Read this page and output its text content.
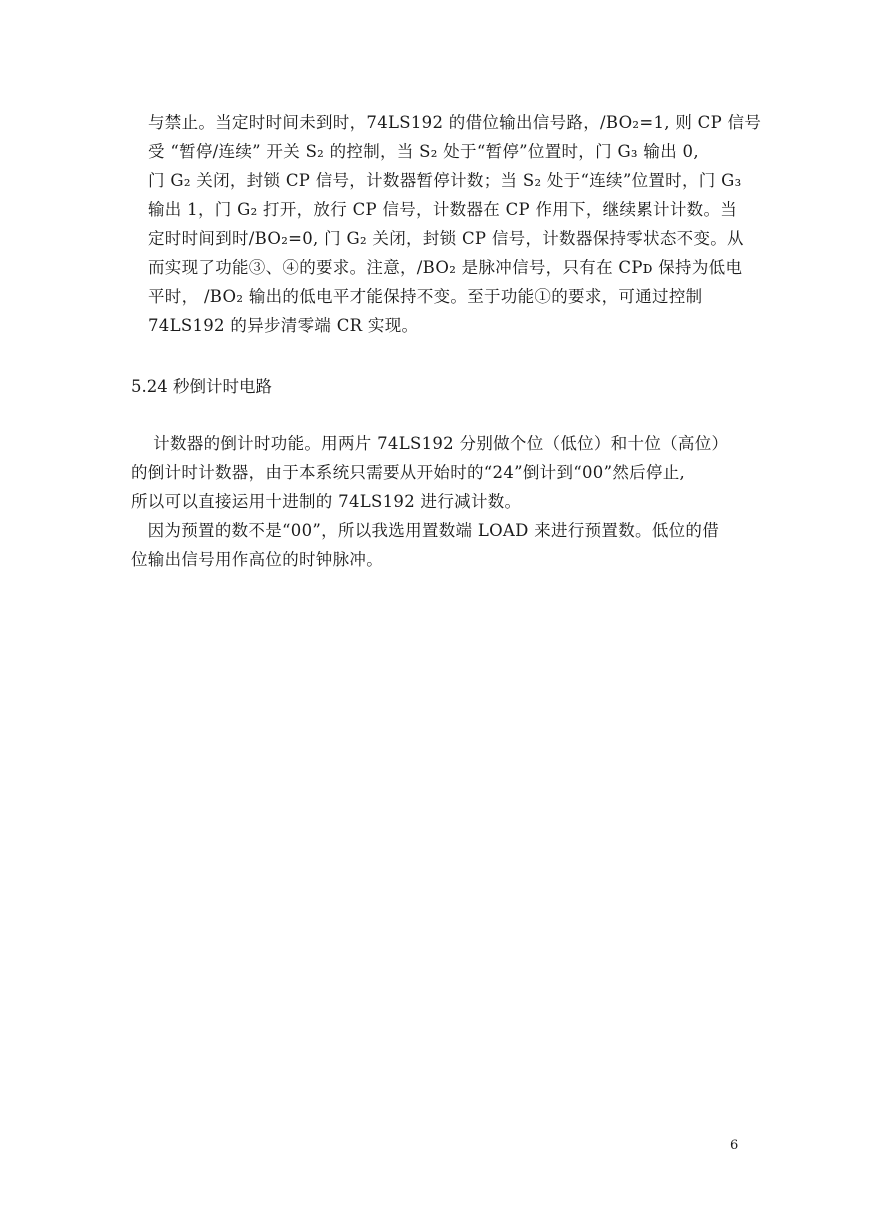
与禁止。当定时时间未到时，74LS192 的借位输出信号路，/BO₂=1, 则 CP 信号
受 “暂停/连续” 开关 S₂ 的控制，当 S₂ 处于“暂停”位置时，门 G₃ 输出 0,
门 G₂ 关闭，封锁 CP 信号，计数器暂停计数；当 S₂ 处于“连续”位置时，门 G₃
输出 1，门 G₂ 打开，放行 CP 信号，计数器在 CP 作用下，继续累计计数。当
定时时间到时/BO₂=0, 门 G₂ 关闭，封锁 CP 信号，计数器保持零状态不变。从
而实现了功能③、④的要求。注意，/BO₂ 是脉冲信号，只有在 CPᴅ 保持为低电
平时， /BO₂ 输出的低电平才能保持不变。至于功能①的要求，可通过控制
74LS192 的异步清零端 CR 实现。
5.24 秒倒计时电路
计数器的倒计时功能。用两片 74LS192 分别做个位（低位）和十位（高位）
的倒计时计数器，由于本系统只需要从开始时的“24”倒计到“00”然后停止,
所以可以直接运用十进制的 74LS192 进行减计数。
因为预置的数不是“00”，所以我选用置数端 LOAD 来进行预置数。低位的借
位输出信号用作高位的时钟脉冲。
6
